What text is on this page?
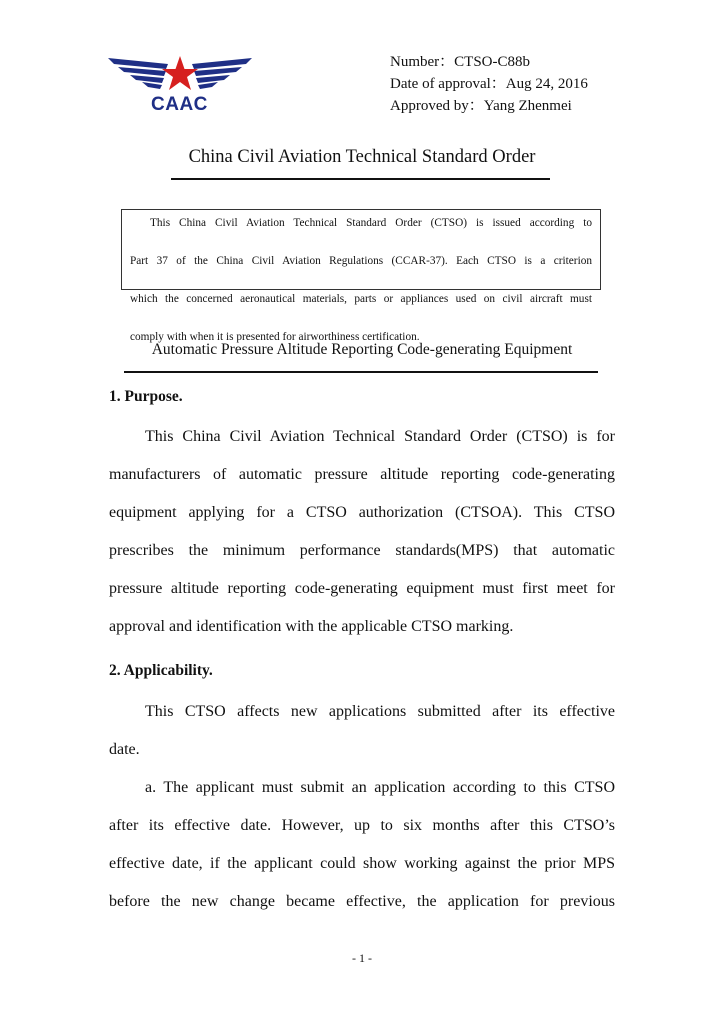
CAAC
Number：CTSO-C88b
Date of approval：Aug 24, 2016
Approved by：Yang Zhenmei
China Civil Aviation Technical Standard Order
This China Civil Aviation Technical Standard Order (CTSO) is issued according to
Part 37 of the China Civil Aviation Regulations (CCAR-37). Each CTSO is a criterion
which the concerned aeronautical materials, parts or appliances used on civil aircraft must
comply with when it is presented for airworthiness certification.
Automatic Pressure Altitude Reporting Code-generating Equipment
1. Purpose.
This China Civil Aviation Technical Standard Order (CTSO) is for
manufacturers of automatic pressure altitude reporting code-generating
equipment applying for a CTSO authorization (CTSOA). This CTSO
prescribes the minimum performance standards(MPS) that automatic
pressure altitude reporting code-generating equipment must first meet for
approval and identification with the applicable CTSO marking.
2. Applicability.
This CTSO affects new applications submitted after its effective
date.
a. The applicant must submit an application according to this CTSO
after its effective date. However, up to six months after this CTSO’s
effective date, if the applicant could show working against the prior MPS
before the new change became effective, the application for previous
- 1 -
